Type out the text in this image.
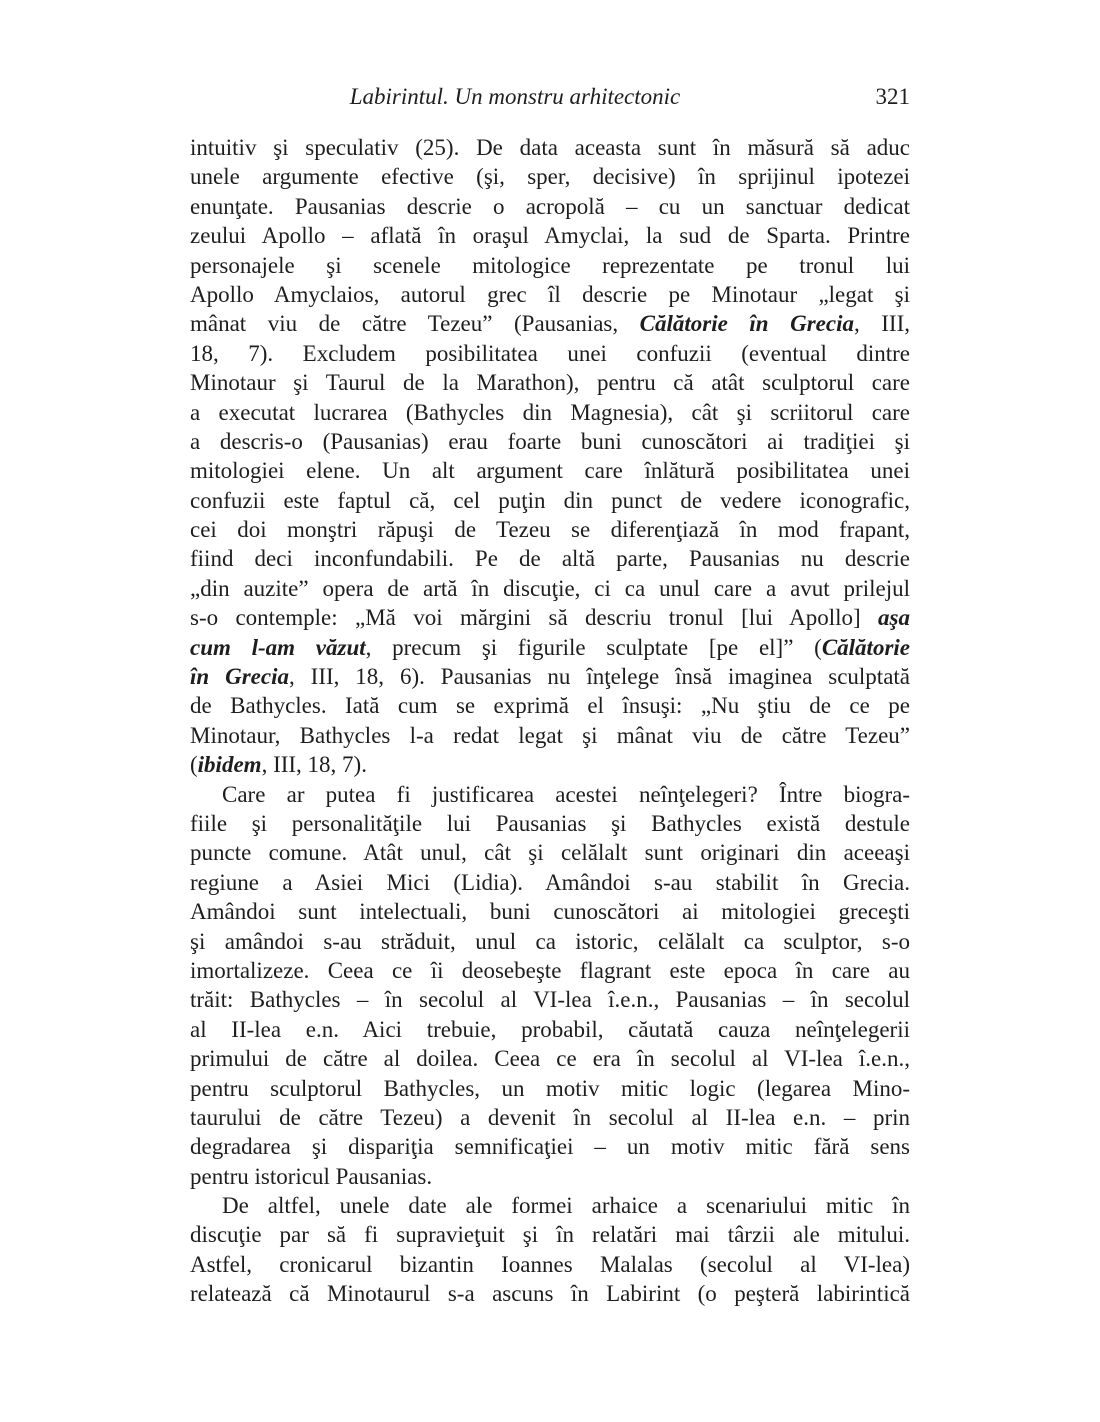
Labirintul. Un monstru arhitectonic	321
intuitiv şi speculativ (25). De data aceasta sunt în măsură să aduc
unele argumente efective (şi, sper, decisive) în sprijinul ipotezei
enunţate. Pausanias descrie o acropolă – cu un sanctuar dedicat
zeului Apollo – aflată în oraşul Amyclai, la sud de Sparta. Printre
personajele şi scenele mitologice reprezentate pe tronul lui
Apollo Amyclaios, autorul grec îl descrie pe Minotaur „legat şi
mânat viu de către Tezeu” (Pausanias, Călătorie în Grecia, III,
18, 7). Excludem posibilitatea unei confuzii (eventual dintre
Minotaur şi Taurul de la Marathon), pentru că atât sculptorul care
a executat lucrarea (Bathycles din Magnesia), cât şi scriitorul care
a descris-o (Pausanias) erau foarte buni cunoscători ai tradiţiei şi
mitologiei elene. Un alt argument care înlătură posibilitatea unei
confuzii este faptul că, cel puţin din punct de vedere iconografic,
cei doi monştri răpuşi de Tezeu se diferenţiază în mod frapant,
fiind deci inconfundabili. Pe de altă parte, Pausanias nu descrie
„din auzite” opera de artă în discuţie, ci ca unul care a avut prilejul
s-o contemple: „Mă voi mărgini să descriu tronul [lui Apollo] aşa
cum l-am văzut, precum şi figurile sculptate [pe el]” (Călătorie
în Grecia, III, 18, 6). Pausanias nu înţelege însă imaginea sculptată
de Bathycles. Iată cum se exprimă el însuşi: „Nu ştiu de ce pe
Minotaur, Bathycles l-a redat legat şi mânat viu de către Tezeu”
(ibidem, III, 18, 7).
Care ar putea fi justificarea acestei neînţelegeri? Între biogra-
fiile şi personalităţile lui Pausanias şi Bathycles există destule
puncte comune. Atât unul, cât şi celălalt sunt originari din aceeaşi
regiune a Asiei Mici (Lidia). Amândoi s-au stabilit în Grecia.
Amândoi sunt intelectuali, buni cunoscători ai mitologiei greceşti
şi amândoi s-au străduit, unul ca istoric, celălalt ca sculptor, s-o
imortalizeze. Ceea ce îi deosebeşte flagrant este epoca în care au
trăit: Bathycles – în secolul al VI-lea î.e.n., Pausanias – în secolul
al II-lea e.n. Aici trebuie, probabil, căutată cauza neînţelegerii
primului de către al doilea. Ceea ce era în secolul al VI-lea î.e.n.,
pentru sculptorul Bathycles, un motiv mitic logic (legarea Mino-
taurului de către Tezeu) a devenit în secolul al II-lea e.n. – prin
degradarea şi dispariţia semnificaţiei – un motiv mitic fără sens
pentru istoricul Pausanias.
De altfel, unele date ale formei arhaice a scenariului mitic în
discuţie par să fi supravieţuit şi în relatări mai târzii ale mitului.
Astfel, cronicarul bizantin Ioannes Malalas (secolul al VI-lea)
relatează că Minotaurul s-a ascuns în Labirint (o peşteră labirintică
